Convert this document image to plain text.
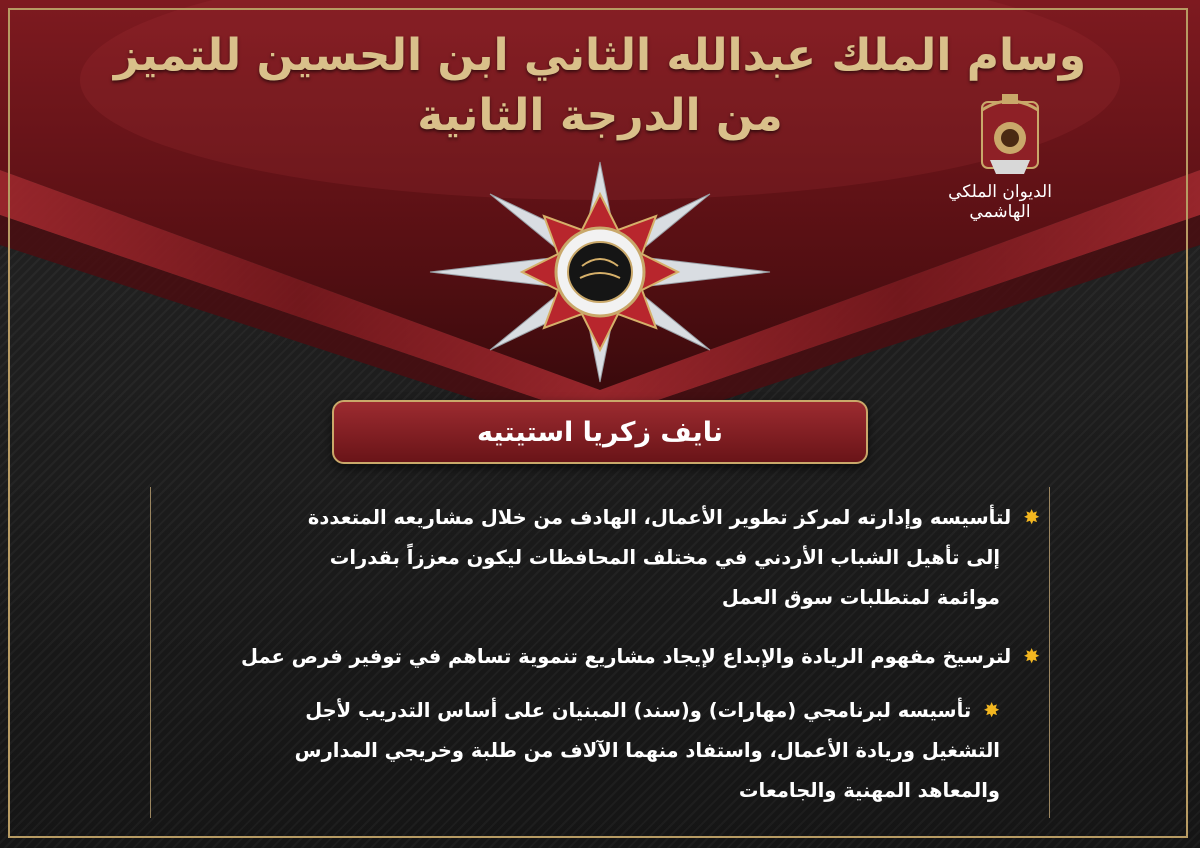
وسام الملك عبدالله الثاني ابن الحسين للتميز
من الدرجة الثانية
الديوان الملكي الهاشمي
نايف زكريا استيتيه
✸لتأسيسه وإدارته لمركز تطوير الأعمال، الهادف من خلال مشاريعه المتعددة
إلى تأهيل الشباب الأردني في مختلف المحافظات ليكون معززاً بقدرات
موائمة لمتطلبات سوق العمل
✸لترسيخ مفهوم الريادة والإبداع لإيجاد مشاريع تنموية تساهم في توفير فرص عمل
✸تأسيسه لبرنامجي (مهارات) و(سند) المبنيان على أساس التدريب لأجل
التشغيل وريادة الأعمال، واستفاد منهما الآلاف من طلبة وخريجي المدارس
والمعاهد المهنية والجامعات
